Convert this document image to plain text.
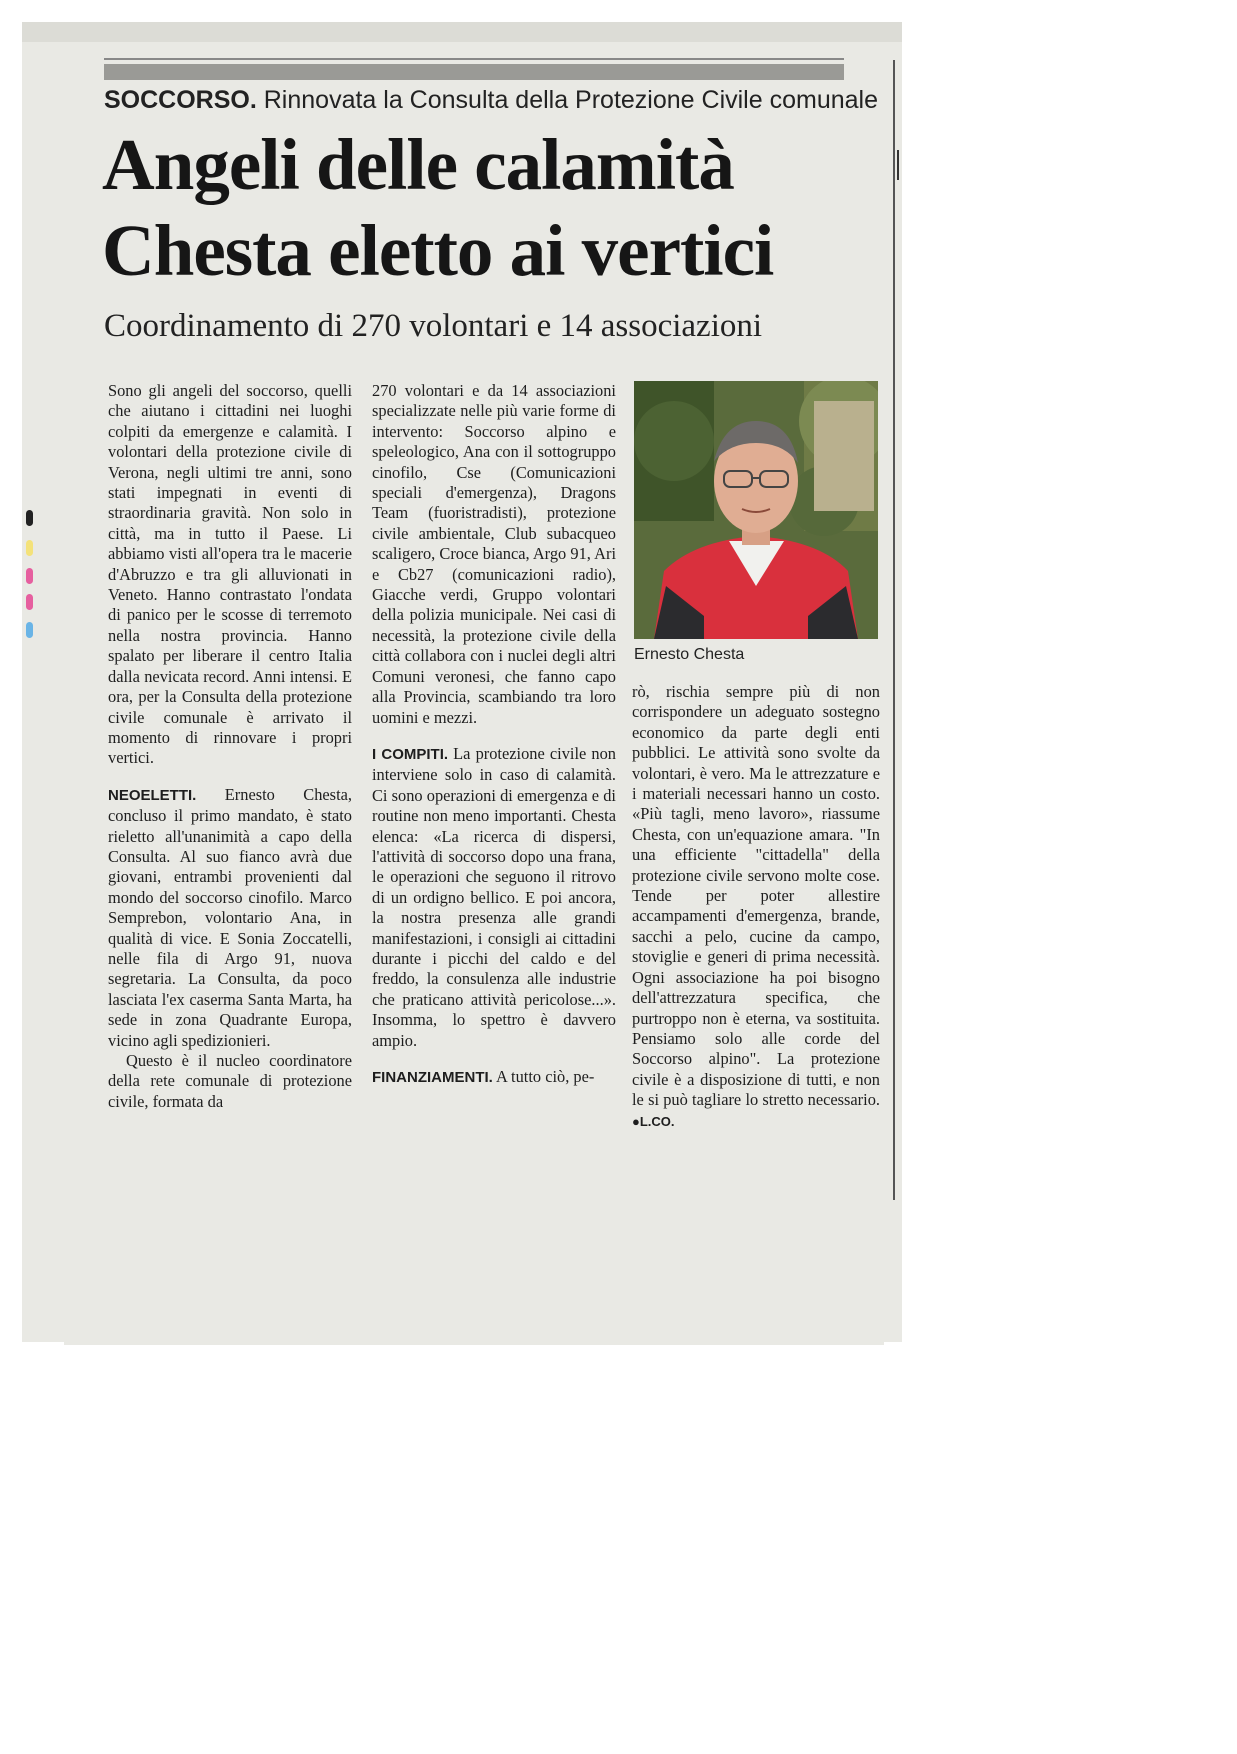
SOCCORSO. Rinnovata la Consulta della Protezione Civile comunale
Angeli delle calamità
Chesta eletto ai vertici
Coordinamento di 270 volontari e 14 associazioni

Sono gli angeli del soccorso, quelli che aiutano i cittadini nei luoghi colpiti da emergenze e calamità. I volontari della protezione civile di Verona, negli ultimi tre anni, sono stati impegnati in eventi di straordinaria gravità. Non solo in città, ma in tutto il Paese. Li abbiamo visti all'opera tra le macerie d'Abruzzo e tra gli alluvionati in Veneto. Hanno contrastato l'ondata di panico per le scosse di terremoto nella nostra provincia. Hanno spalato per liberare il centro Italia dalla nevicata record. Anni intensi. E ora, per la Consulta della protezione civile comunale è arrivato il momento di rinnovare i propri vertici.

NEOELETTI. Ernesto Chesta, concluso il primo mandato, è stato rieletto all'unanimità a capo della Consulta. Al suo fianco avrà due giovani, entrambi provenienti dal mondo del soccorso cinofilo. Marco Semprebon, volontario Ana, in qualità di vice. E Sonia Zoccatelli, nelle fila di Argo 91, nuova segretaria. La Consulta, da poco lasciata l'ex caserma Santa Marta, ha sede in zona Quadrante Europa, vicino agli spedizionieri.

Questo è il nucleo coordinatore della rete comunale di protezione civile, formata da

270 volontari e da 14 associazioni specializzate nelle più varie forme di intervento: Soccorso alpino e speleologico, Ana con il sottogruppo cinofilo, Cse (Comunicazioni speciali d'emergenza), Dragons Team (fuoristradisti), protezione civile ambientale, Club subacqueo scaligero, Croce bianca, Argo 91, Ari e Cb27 (comunicazioni radio), Giacche verdi, Gruppo volontari della polizia municipale. Nei casi di necessità, la protezione civile della città collabora con i nuclei degli altri Comuni veronesi, che fanno capo alla Provincia, scambiando tra loro uomini e mezzi.

I COMPITI. La protezione civile non interviene solo in caso di calamità. Ci sono operazioni di emergenza e di routine non meno importanti. Chesta elenca: «La ricerca di dispersi, l'attività di soccorso dopo una frana, le operazioni che seguono il ritrovo di un ordigno bellico. E poi ancora, la nostra presenza alle grandi manifestazioni, i consigli ai cittadini durante i picchi del caldo e del freddo, la consulenza alle industrie che praticano attività pericolose...». Insomma, lo spettro è davvero ampio.

FINANZIAMENTI. A tutto ciò, pe-

Ernesto Chesta

rò, rischia sempre più di non corrispondere un adeguato sostegno economico da parte degli enti pubblici. Le attività sono svolte da volontari, è vero. Ma le attrezzature e i materiali necessari hanno un costo. «Più tagli, meno lavoro», riassume Chesta, con un'equazione amara. "In una efficiente "cittadella" della protezione civile servono molte cose. Tende per poter allestire accampamenti d'emergenza, brande, sacchi a pelo, cucine da campo, stoviglie e generi di prima necessità. Ogni associazione ha poi bisogno dell'attrezzatura specifica, che purtroppo non è eterna, va sostituita. Pensiamo solo alle corde del Soccorso alpino". La protezione civile è a disposizione di tutti, e non le si può tagliare lo stretto necessario. ●L.CO.
